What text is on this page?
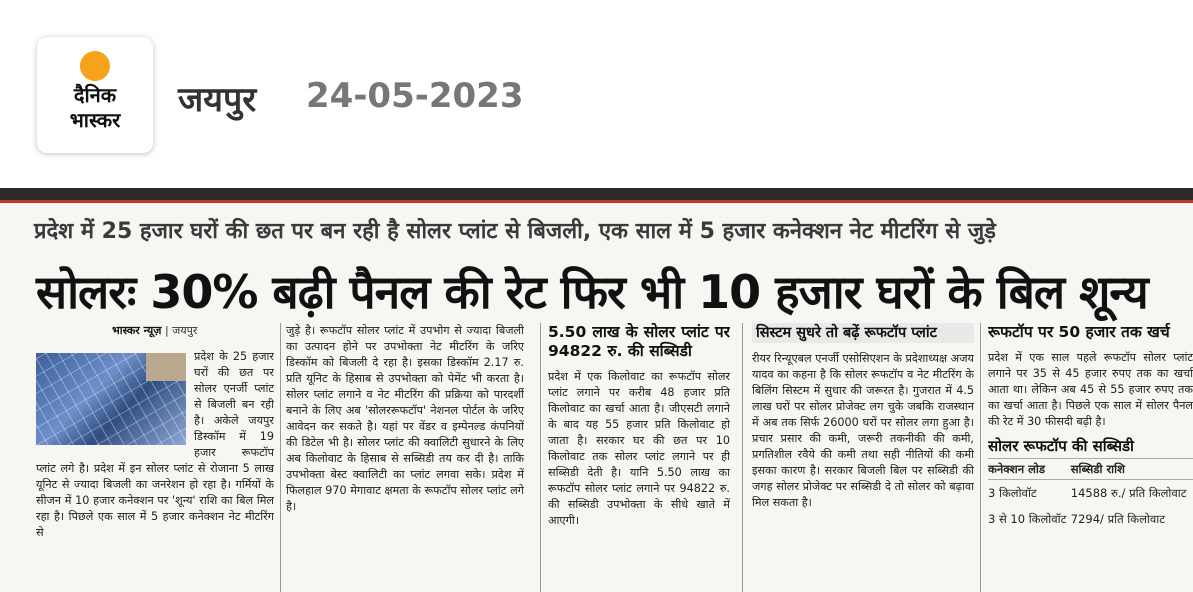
दैनिक
भास्कर	जयपुर 24-05-2023
प्रदेश में 25 हजार घरों की छत पर बन रही है सोलर प्लांट से बिजली, एक साल में 5 हजार कनेक्शन नेट मीटरिंग से जुड़े
सोलरः 30% बढ़ी पैनल की रेट फिर भी 10 हजार घरों के बिल शून्य
भास्कर न्यूज़ | जयपुर

प्रदेश के 25 हजार घरों की छत पर सोलर एनर्जी प्लांट से बिजली बन रही है। अकेले जयपुर डिस्कॉम में 19 हजार रूफटॉप प्लांट लगे है। प्रदेश में इन सोलर प्लांट से रोजाना 5 लाख यूनिट से ज्यादा बिजली का जनरेशन हो रहा है। गर्मियों के सीजन में 10 हजार कनेक्शन पर 'शून्य' राशि का बिल मिल रहा है। पिछले एक साल में 5 हजार कनेक्शन नेट मीटरिंग से

जुड़े है। रूफटॉप सोलर प्लांट में उपभोग से ज्यादा बिजली का उत्पादन होने पर उपभोक्ता नेट मीटरिंग के जरिए डिस्कॉम को बिजली दे रहा है। इसका डिस्कॉम 2.17 रु. प्रति यूनिट के हिसाब से उपभोक्ता को पेमेंट भी करता है। सोलर प्लांट लगाने व नेट मीटरिंग की प्रक्रिया को पारदर्शी बनाने के लिए अब 'सोलररूफटॉप' नेशनल पोर्टल के जरिए आवेदन कर सकते है। यहां पर वेंडर व इम्पेनल्ड कंपनियों की डिटेल भी है। सोलर प्लांट की क्वालिटी सुधारने के लिए अब किलोवाट के हिसाब से सब्सिडी तय कर दी है। ताकि उपभोक्ता बेस्ट क्वालिटी का प्लांट लगवा सके। प्रदेश में फिलहाल 970 मेगावाट क्षमता के रूफटॉप सोलर प्लांट लगे है।

5.50 लाख के सोलर प्लांट पर 94822 रु. की सब्सिडी

प्रदेश में एक किलोवाट का रूफटॉप सोलर प्लांट लगाने पर करीब 48 हजार प्रति किलोवाट का खर्चा आता है। जीएसटी लगाने के बाद यह 55 हजार प्रति किलोवाट हो जाता है। सरकार घर की छत पर 10 किलोवाट तक सोलर प्लांट लगाने पर ही सब्सिडी देती है। यानि 5.50 लाख का रूफटॉप सोलर प्लांट लगाने पर 94822 रु. की सब्सिडी उपभोक्ता के सीधे खाते में आएगी।

सिस्टम सुधरे तो बढ़ें रूफटॉप प्लांट

रीयर रिन्यूएबल एनर्जी एसोसिएशन के प्रदेशाध्यक्ष अजय यादव का कहना है कि सोलर रूफटॉप व नेट मीटरिंग के बिलिंग सिस्टम में सुधार की जरूरत है। गुजरात में 4.5 लाख घरों पर सोलर प्रोजेक्ट लग चुके जबकि राजस्थान में अब तक सिर्फ 26000 घरों पर सोलर लगा हुआ है। प्रचार प्रसार की कमी, जरूरी तकनीकी की कमी, प्रगतिशील रवैये की कमी तथा सही नीतियों की कमी इसका कारण है। सरकार बिजली बिल पर सब्सिडी की जगह सोलर प्रोजेक्ट पर सब्सिडी दे तो सोलर को बढ़ावा मिल सकता है।

रूफटॉप पर 50 हजार तक खर्च

प्रदेश में एक साल पहले रूफटॉप सोलर प्लांट लगाने पर 35 से 45 हजार रुपए तक का खर्चा आता था। लेकिन अब 45 से 55 हजार रुपए तक का खर्चा आता है। पिछले एक साल में सोलर पैनल की रेट में 30 फीसदी बढ़ी है।

सोलर रूफटॉप की सब्सिडी
कनेक्शन लोड	सब्सिडी राशि
3 किलोवॉट	14588 रु./ प्रति किलोवाट
3 से 10 किलोवॉट	7294/ प्रति किलोवाट
